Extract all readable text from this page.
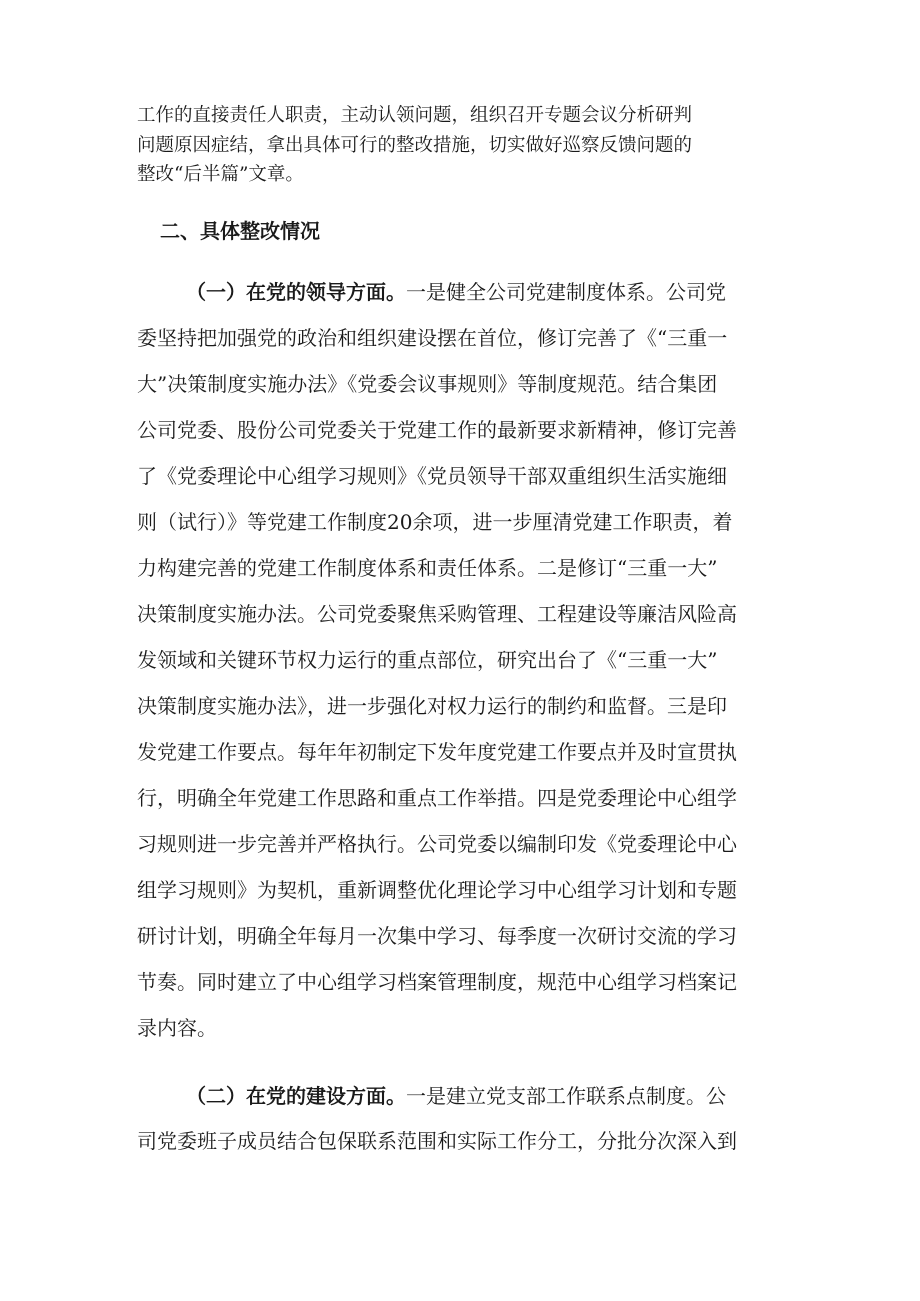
工作的直接责任人职责，主动认领问题，组织召开专题会议分析研判
问题原因症结，拿出具体可行的整改措施，切实做好巡察反馈问题的
整改“后半篇”文章。
二、具体整改情况
（一）在党的领导方面。一是健全公司党建制度体系。公司党
委坚持把加强党的政治和组织建设摆在首位，修订完善了《“三重一
大”决策制度实施办法》《党委会议事规则》等制度规范。结合集团
公司党委、股份公司党委关于党建工作的最新要求新精神，修订完善
了《党委理论中心组学习规则》《党员领导干部双重组织生活实施细
则（试行）》等党建工作制度20余项，进一步厘清党建工作职责，着
力构建完善的党建工作制度体系和责任体系。二是修订“三重一大”
决策制度实施办法。公司党委聚焦采购管理、工程建设等廉洁风险高
发领域和关键环节权力运行的重点部位，研究出台了《“三重一大”
决策制度实施办法》，进一步强化对权力运行的制约和监督。三是印
发党建工作要点。每年年初制定下发年度党建工作要点并及时宣贯执
行，明确全年党建工作思路和重点工作举措。四是党委理论中心组学
习规则进一步完善并严格执行。公司党委以编制印发《党委理论中心
组学习规则》为契机，重新调整优化理论学习中心组学习计划和专题
研讨计划，明确全年每月一次集中学习、每季度一次研讨交流的学习
节奏。同时建立了中心组学习档案管理制度，规范中心组学习档案记
录内容。
（二）在党的建设方面。一是建立党支部工作联系点制度。公
司党委班子成员结合包保联系范围和实际工作分工，分批分次深入到
